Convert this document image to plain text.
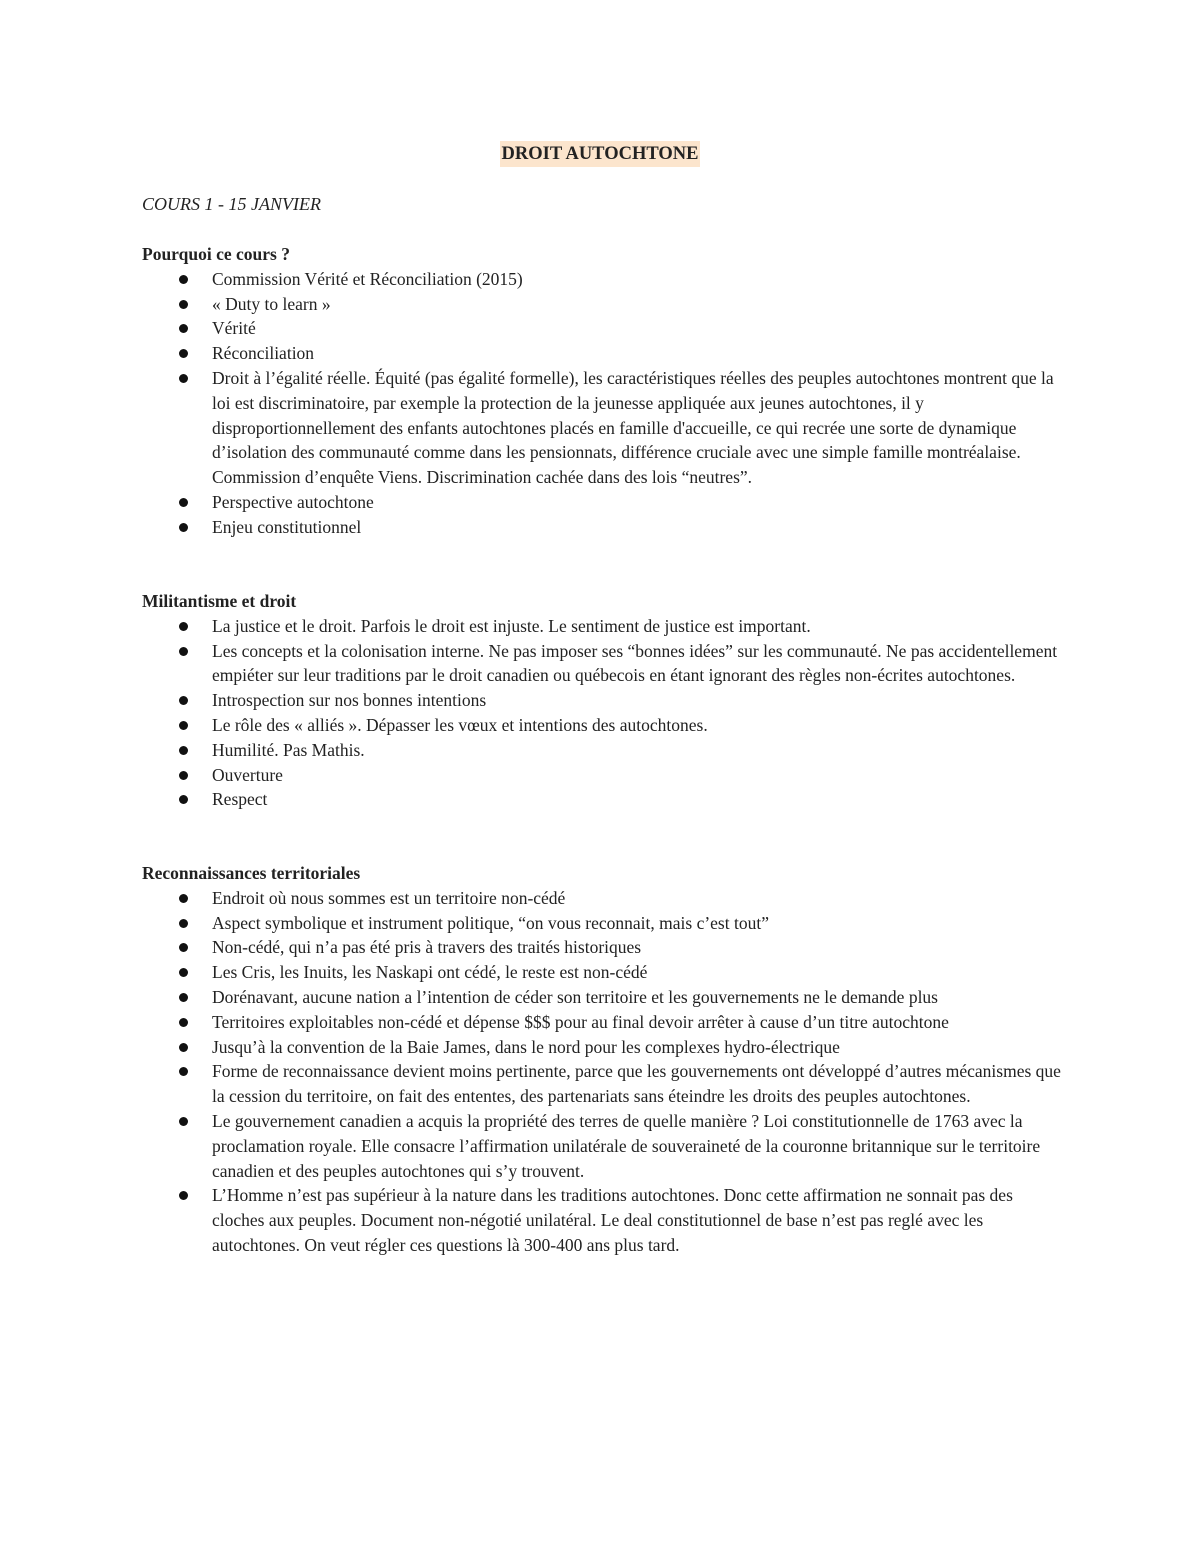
DROIT AUTOCHTONE
COURS 1 - 15 JANVIER

Pourquoi ce cours ?

Commission Vérité et Réconciliation (2015)
« Duty to learn »
Vérité
Réconciliation
Droit à l’égalité réelle. Équité (pas égalité formelle), les caractéristiques réelles des peuples autochtones montrent que la loi est discriminatoire, par exemple la protection de la jeunesse appliquée aux jeunes autochtones, il y disproportionnellement des enfants autochtones placés en famille d'accueille, ce qui recrée une sorte de dynamique d’isolation des communauté comme dans les pensionnats, différence cruciale avec une simple famille montréalaise. Commission d’enquête Viens. Discrimination cachée dans des lois “neutres”.
Perspective autochtone
Enjeu constitutionnel

Militantisme et droit

La justice et le droit. Parfois le droit est injuste. Le sentiment de justice est important.
Les concepts et la colonisation interne. Ne pas imposer ses “bonnes idées” sur les communauté. Ne pas accidentellement empiéter sur leur traditions par le droit canadien ou québecois en étant ignorant des règles non-écrites autochtones.
Introspection sur nos bonnes intentions
Le rôle des « alliés ». Dépasser les vœux et intentions des autochtones.
Humilité. Pas Mathis.
Ouverture
Respect

Reconnaissances territoriales

Endroit où nous sommes est un territoire non-cédé
Aspect symbolique et instrument politique, “on vous reconnait, mais c’est tout”
Non-cédé, qui n’a pas été pris à travers des traités historiques
Les Cris, les Inuits, les Naskapi ont cédé, le reste est non-cédé
Dorénavant, aucune nation a l’intention de céder son territoire et les gouvernements ne le demande plus
Territoires exploitables non-cédé et dépense $$$ pour au final devoir arrêter à cause d’un titre autochtone
Jusqu’à la convention de la Baie James, dans le nord pour les complexes hydro-électrique
Forme de reconnaissance devient moins pertinente, parce que les gouvernements ont développé d’autres mécanismes que la cession du territoire, on fait des ententes, des partenariats sans éteindre les droits des peuples autochtones.
Le gouvernement canadien a acquis la propriété des terres de quelle manière ? Loi constitutionnelle de 1763 avec la proclamation royale. Elle consacre l’affirmation unilatérale de souveraineté de la couronne britannique sur le territoire canadien et des peuples autochtones qui s’y trouvent.
L’Homme n’est pas supérieur à la nature dans les traditions autochtones. Donc cette affirmation ne sonnait pas des cloches aux peuples. Document non-négotié unilatéral. Le deal constitutionnel de base n’est pas reglé avec les autochtones. On veut régler ces questions là 300-400 ans plus tard.
